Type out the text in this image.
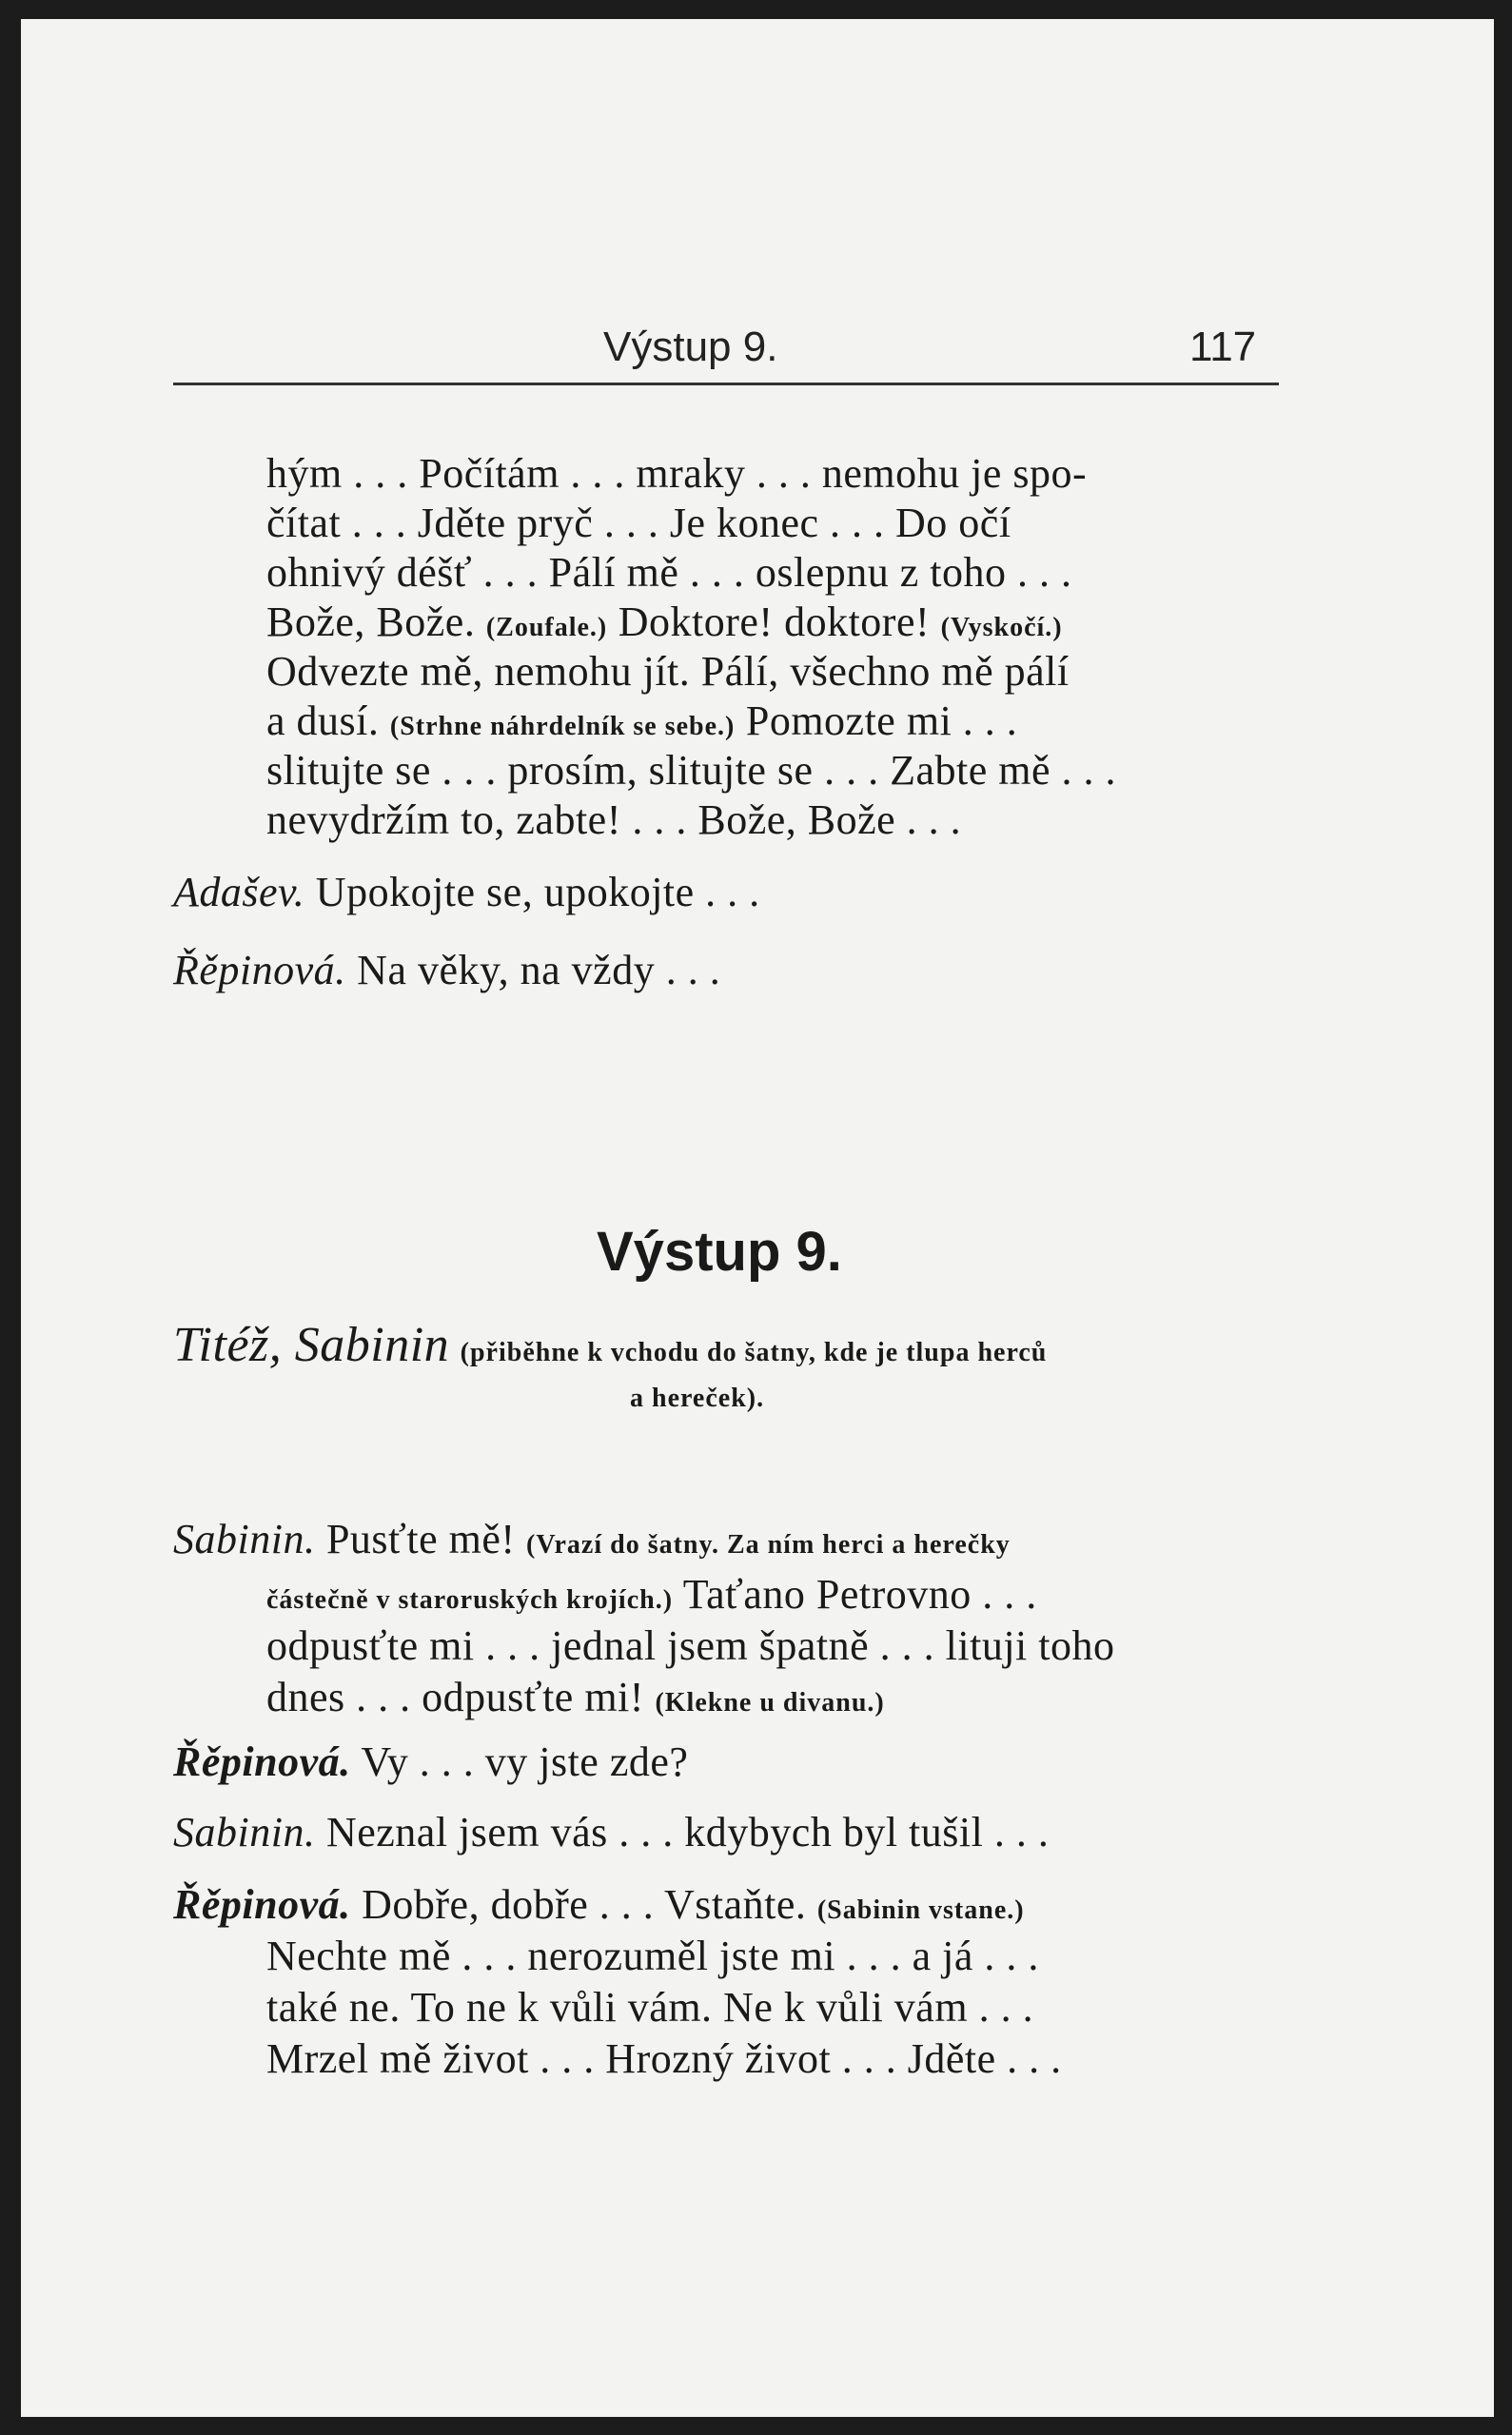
Výstup 9.	117
hým . . . Počítám . . . mraky . . . nemohu je spo-
čítat . . . Jděte pryč . . . Je konec . . . Do očí
ohnivý déšť . . . Pálí mě . . . oslepnu z toho . . .
Bože, Bože. (Zoufale.) Doktore! doktore! (Vyskočí.)
Odvezte mě, nemohu jít. Pálí, všechno mě pálí
a dusí. (Strhne náhrdelník se sebe.) Pomozte mi . . .
slitujte se . . . prosím, slitujte se . . . Zabte mě . . .
nevydržím to, zabte! . . . Bože, Bože . . .
Adašev. Upokojte se, upokojte . . .
Řěpinová. Na věky, na vždy . . .
Výstup 9.
Titéž, Sabinin (přiběhne k vchodu do šatny, kde je tlupa herců
a hereček).
Sabinin. Pusťte mě! (Vrazí do šatny. Za ním herci a herečky
částečně v staroruských krojích.) Taťano Petrovno . . .
odpusťte mi . . . jednal jsem špatně . . . lituji toho
dnes . . . odpusťte mi! (Klekne u divanu.)
Řěpinová. Vy . . . vy jste zde?
Sabinin. Neznal jsem vás . . . kdybych byl tušil . . .
Řěpinová. Dobře, dobře . . . Vstaňte. (Sabinin vstane.)
Nechte mě . . . nerozuměl jste mi . . . a já . . .
také ne. To ne k vůli vám. Ne k vůli vám . . .
Mrzel mě život . . . Hrozný život . . . Jděte . . .
